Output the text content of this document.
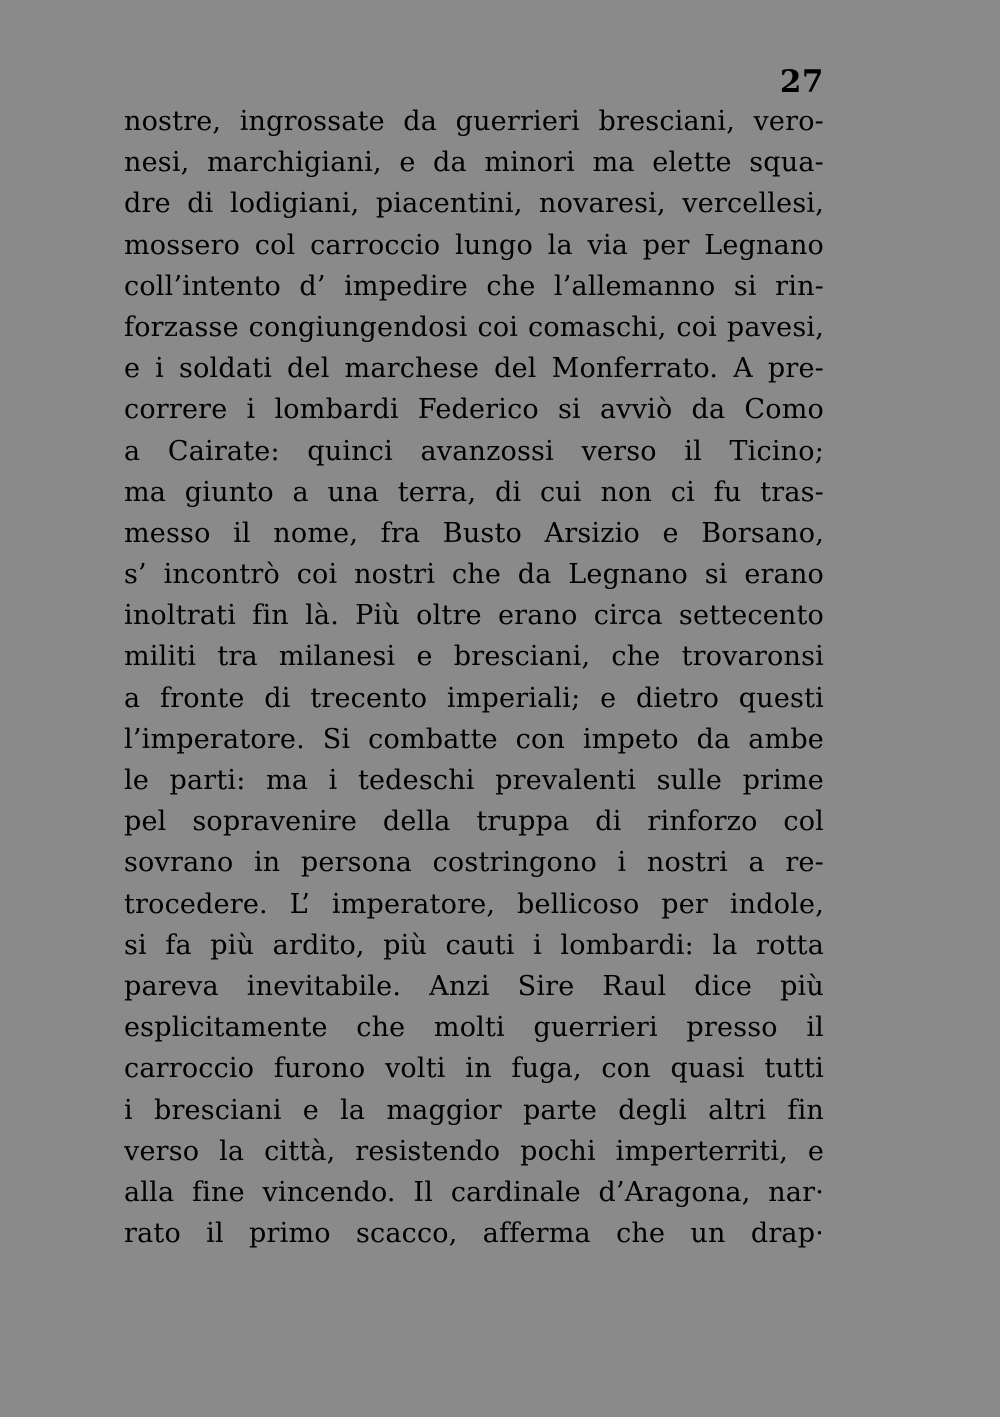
27
nostre, ingrossate da guerrieri bresciani, vero-
nesi, marchigiani, e da minori ma elette squa-
dre di lodigiani, piacentini, novaresi, vercellesi,
mossero col carroccio lungo la via per Legnano
coll’intento d’ impedire che l’allemanno si rin-
forzasse congiungendosi coi comaschi, coi pavesi,
e i soldati del marchese del Monferrato. A pre-
correre i lombardi Federico si avviò da Como
a Cairate: quinci avanzossi verso il Ticino;
ma giunto a una terra, di cui non ci fu tras-
messo il nome, fra Busto Arsizio e Borsano,
s’ incontrò coi nostri che da Legnano si erano
inoltrati fin là. Più oltre erano circa settecento
militi tra milanesi e bresciani, che trovaronsi
a fronte di trecento imperiali; e dietro questi
l’imperatore. Si combatte con impeto da ambe
le parti: ma i tedeschi prevalenti sulle prime
pel sopravenire della truppa di rinforzo col
sovrano in persona costringono i nostri a re-
trocedere. L’ imperatore, bellicoso per indole,
si fa più ardito, più cauti i lombardi: la rotta
pareva inevitabile. Anzi Sire Raul dice più
esplicitamente che molti guerrieri presso il
carroccio furono volti in fuga, con quasi tutti
i bresciani e la maggior parte degli altri fin
verso la città, resistendo pochi imperterriti, e
alla fine vincendo. Il cardinale d’Aragona, nar·
rato il primo scacco, afferma che un drap·
